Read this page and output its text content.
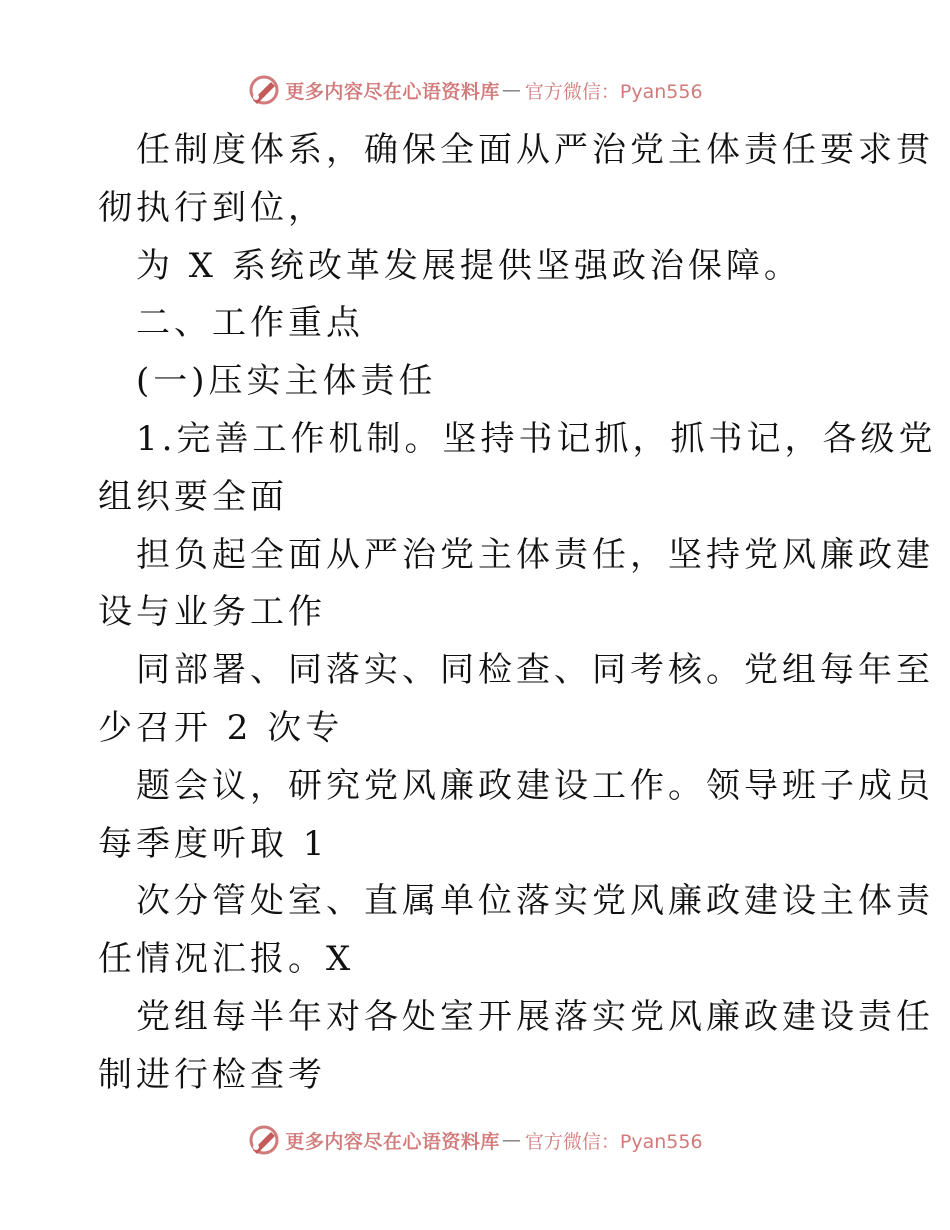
更多内容尽在心语资料库 — 官方微信：Pyan556
任制度体系，确保全面从严治党主体责任要求贯
彻执行到位，
为 X 系统改革发展提供坚强政治保障。
二、工作重点
(一)压实主体责任
1.完善工作机制。坚持书记抓，抓书记，各级党
组织要全面
担负起全面从严治党主体责任，坚持党风廉政建
设与业务工作
同部署、同落实、同检查、同考核。党组每年至
少召开 2 次专
题会议，研究党风廉政建设工作。领导班子成员
每季度听取 1
次分管处室、直属单位落实党风廉政建设主体责
任情况汇报。X
党组每半年对各处室开展落实党风廉政建设责任
制进行检查考
更多内容尽在心语资料库 — 官方微信：Pyan556
